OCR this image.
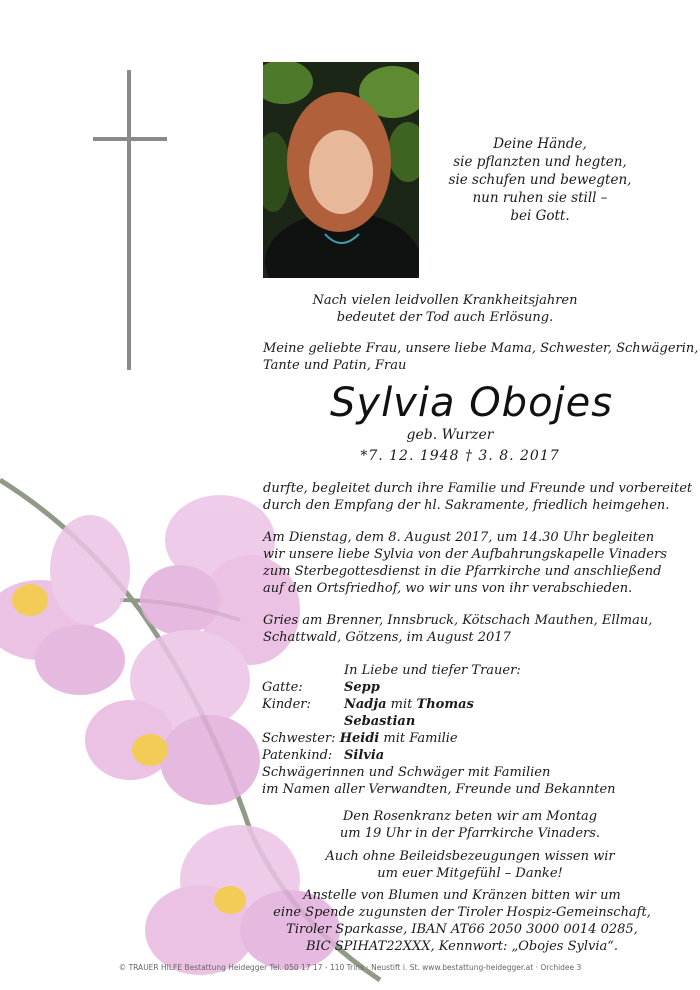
Deine Hände,
sie pflanzten und hegten,
sie schufen und bewegten,
nun ruhen sie still –
bei Gott.
Nach vielen leidvollen Krankheitsjahren
bedeutet der Tod auch Erlösung.
Meine geliebte Frau, unsere liebe Mama, Schwester, Schwägerin,
Tante und Patin, Frau
Sylvia Obojes
geb. Wurzer
*7. 12. 1948 † 3. 8. 2017
durfte, begleitet durch ihre Familie und Freunde und vorbereitet
durch den Empfang der hl. Sakramente, friedlich heimgehen.
Am Dienstag, dem 8. August 2017, um 14.30 Uhr begleiten
wir unsere liebe Sylvia von der Aufbahrungskapelle Vinaders
zum Sterbegottesdienst in die Pfarrkirche und anschließend
auf den Ortsfriedhof, wo wir uns von ihr verabschieden.
Gries am Brenner, Innsbruck, Kötschach Mauthen, Ellmau,
Schattwald, Götzens, im August 2017
In Liebe und tiefer Trauer:
Gatte:	Sepp
Kinder:	Nadja mit Thomas
Sebastian
Schwester: Heidi mit Familie
Patenkind: Silvia
Schwägerinnen und Schwäger mit Familien
im Namen aller Verwandten, Freunde und Bekannten
Den Rosenkranz beten wir am Montag
um 19 Uhr in der Pfarrkirche Vinaders.
Auch ohne Beileidsbezeugungen wissen wir
um euer Mitgefühl – Danke!
Anstelle von Blumen und Kränzen bitten wir um
eine Spende zugunsten der Tiroler Hospiz-Gemeinschaft,
Tiroler Sparkasse, IBAN AT66 2050 3000 0014 0285,
BIC SPIHAT22XXX, Kennwort: „Obojes Sylvia“.
© TRAUER HILFE Bestattung Heidegger Tel. 050 17 17 - 110 Trins · Neustift i. St. www.bestattung-heidegger.at · Orchidee 3
